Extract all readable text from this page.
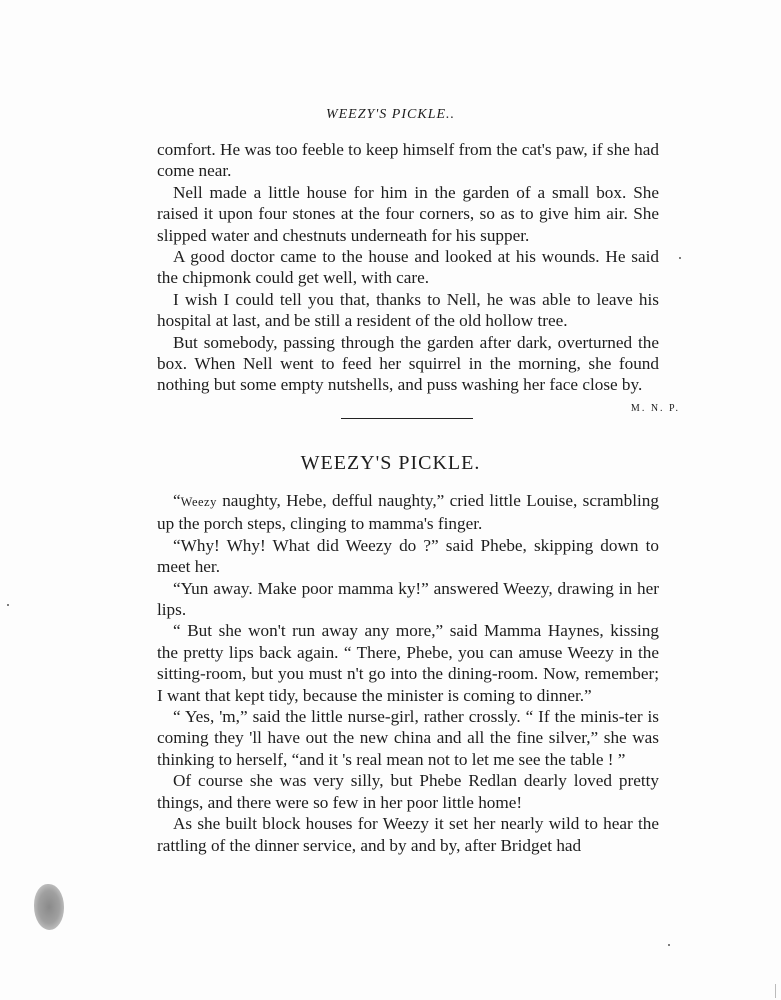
WEEZY'S PICKLE..

comfort. He was too feeble to keep himself from the cat's paw, if she had come near.

Nell made a little house for him in the garden of a small box. She raised it upon four stones at the four corners, so as to give him air. She slipped water and chestnuts underneath for his supper.

A good doctor came to the house and looked at his wounds. He said the chipmonk could get well, with care.

I wish I could tell you that, thanks to Nell, he was able to leave his hospital at last, and be still a resident of the old hollow tree.

But somebody, passing through the garden after dark, overturned the box. When Nell went to feed her squirrel in the morning, she found nothing but some empty nutshells, and puss washing her face close by.

M. N. P.
WEEZY'S PICKLE.

“Weezy naughty, Hebe, defful naughty,” cried little Louise, scrambling up the porch steps, clinging to mamma's finger.

“Why! Why! What did Weezy do ?” said Phebe, skipping down to meet her.

“Yun away. Make poor mamma ky!” answered Weezy, drawing in her lips.

“ But she won't run away any more,” said Mamma Haynes, kissing the pretty lips back again. “ There, Phebe, you can amuse Weezy in the sitting-room, but you must n't go into the dining-room. Now, remember; I want that kept tidy, because the minister is coming to dinner.”

“ Yes, 'm,” said the little nurse-girl, rather crossly. “ If the minis-ter is coming they 'll have out the new china and all the fine silver,” she was thinking to herself, “and it 's real mean not to let me see the table ! ”

Of course she was very silly, but Phebe Redlan dearly loved pretty things, and there were so few in her poor little home!

As she built block houses for Weezy it set her nearly wild to hear the rattling of the dinner service, and by and by, after Bridget had
